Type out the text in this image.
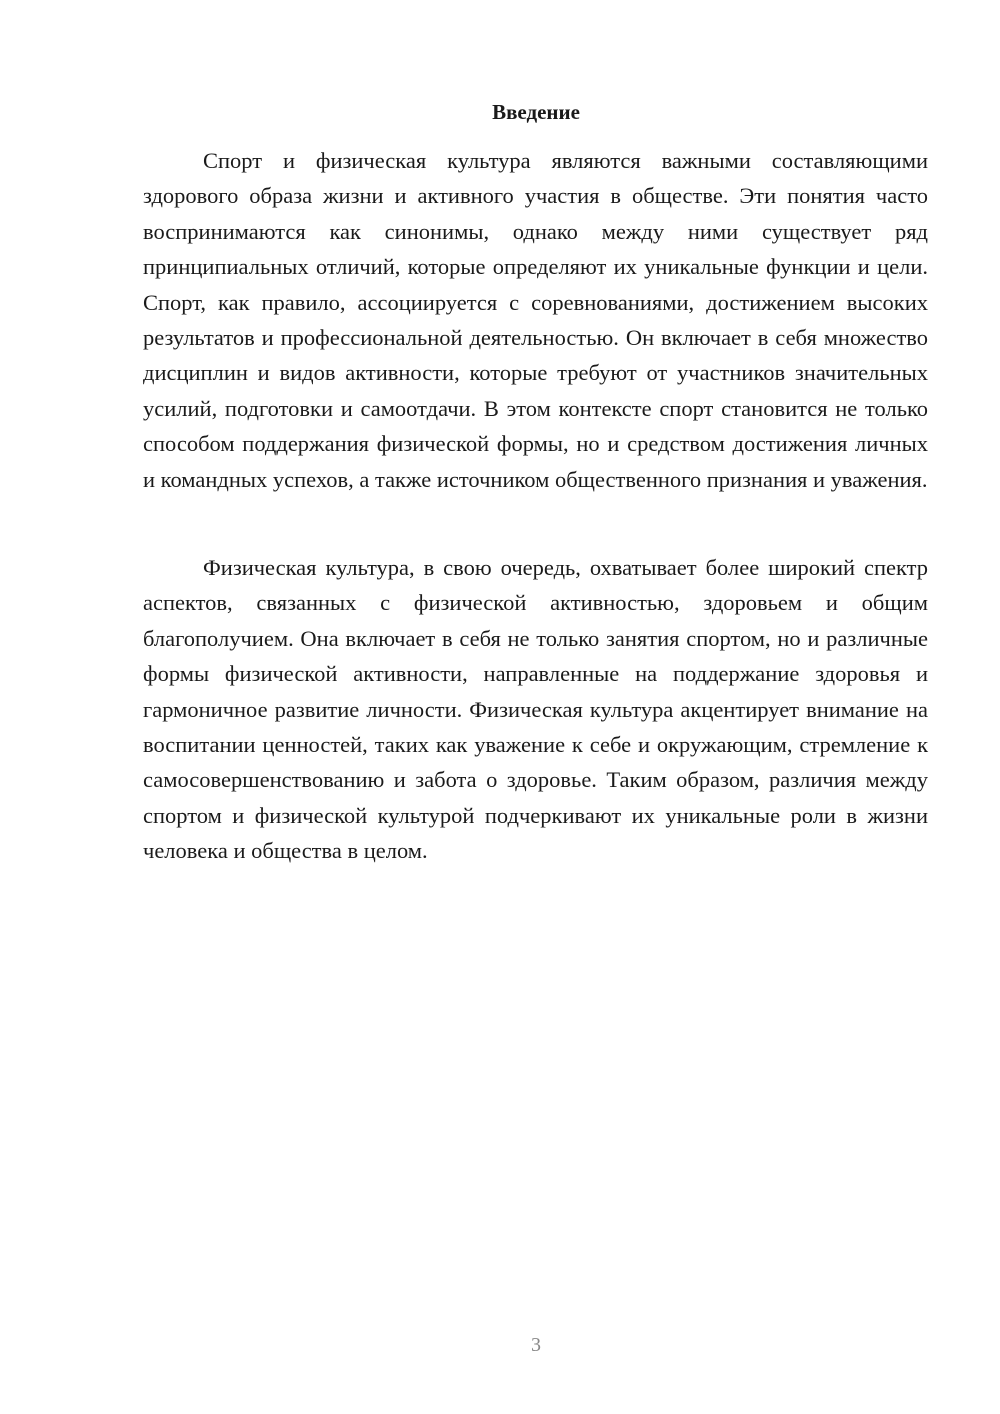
Введение

Спорт и физическая культура являются важными составляющими здорового образа жизни и активного участия в обществе. Эти понятия часто воспринимаются как синонимы, однако между ними существует ряд принципиальных отличий, которые определяют их уникальные функции и цели. Спорт, как правило, ассоциируется с соревнованиями, достижением высоких результатов и профессиональной деятельностью. Он включает в себя множество дисциплин и видов активности, которые требуют от участников значительных усилий, подготовки и самоотдачи. В этом контексте спорт становится не только способом поддержания физической формы, но и средством достижения личных и командных успехов, а также источником общественного признания и уважения.

Физическая культура, в свою очередь, охватывает более широкий спектр аспектов, связанных с физической активностью, здоровьем и общим благополучием. Она включает в себя не только занятия спортом, но и различные формы физической активности, направленные на поддержание здоровья и гармоничное развитие личности. Физическая культура акцентирует внимание на воспитании ценностей, таких как уважение к себе и окружающим, стремление к самосовершенствованию и забота о здоровье. Таким образом, различия между спортом и физической культурой подчеркивают их уникальные роли в жизни человека и общества в целом.

3
